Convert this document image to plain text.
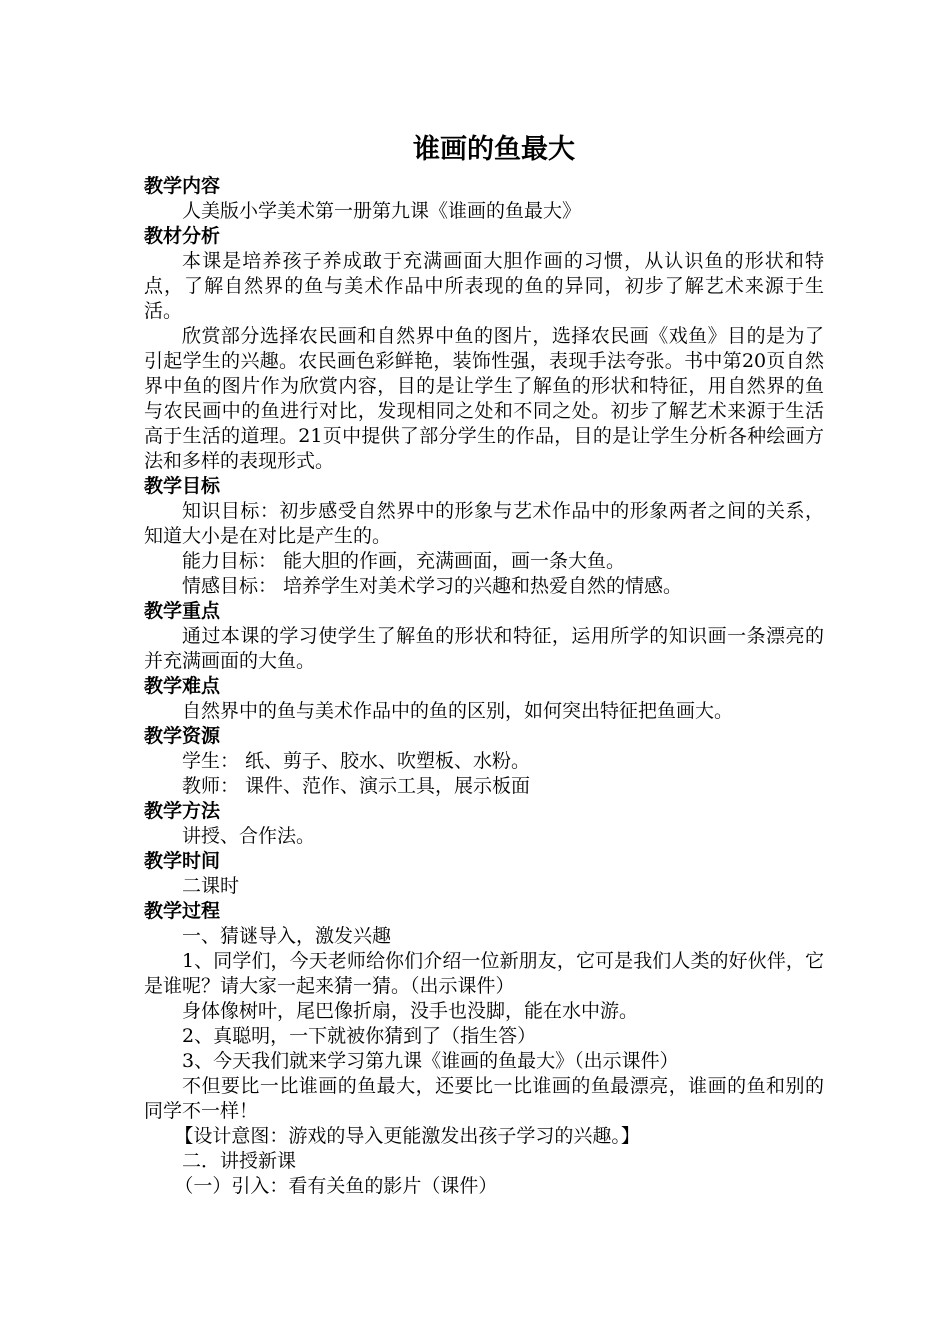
谁画的鱼最大
教学内容
人美版小学美术第一册第九课《谁画的鱼最大》
教材分析
本课是培养孩子养成敢于充满画面大胆作画的习惯，从认识鱼的形状和特点，了解自然界的鱼与美术作品中所表现的鱼的异同，初步了解艺术来源于生活。
欣赏部分选择农民画和自然界中鱼的图片，选择农民画《戏鱼》目的是为了引起学生的兴趣。农民画色彩鲜艳，装饰性强，表现手法夸张。书中第20页自然界中鱼的图片作为欣赏内容，目的是让学生了解鱼的形状和特征，用自然界的鱼与农民画中的鱼进行对比，发现相同之处和不同之处。初步了解艺术来源于生活高于生活的道理。21页中提供了部分学生的作品，目的是让学生分析各种绘画方法和多样的表现形式。
教学目标
知识目标：初步感受自然界中的形象与艺术作品中的形象两者之间的关系，知道大小是在对比是产生的。
能力目标： 能大胆的作画，充满画面，画一条大鱼。
情感目标： 培养学生对美术学习的兴趣和热爱自然的情感。
教学重点
通过本课的学习使学生了解鱼的形状和特征，运用所学的知识画一条漂亮的并充满画面的大鱼。
教学难点
自然界中的鱼与美术作品中的鱼的区别，如何突出特征把鱼画大。
教学资源
学生： 纸、剪子、胶水、吹塑板、水粉。
教师： 课件、范作、演示工具，展示板面
教学方法
讲授、合作法。
教学时间
二课时
教学过程
一、猜谜导入，激发兴趣
1、同学们，今天老师给你们介绍一位新朋友，它可是我们人类的好伙伴，它是谁呢？请大家一起来猜一猜。（出示课件）
身体像树叶，尾巴像折扇，没手也没脚，能在水中游。
2、真聪明，一下就被你猜到了（指生答）
3、今天我们就来学习第九课《谁画的鱼最大》（出示课件）
不但要比一比谁画的鱼最大，还要比一比谁画的鱼最漂亮，谁画的鱼和别的同学不一样！
【设计意图：游戏的导入更能激发出孩子学习的兴趣。】
二．讲授新课
（一）引入：看有关鱼的影片（课件）
